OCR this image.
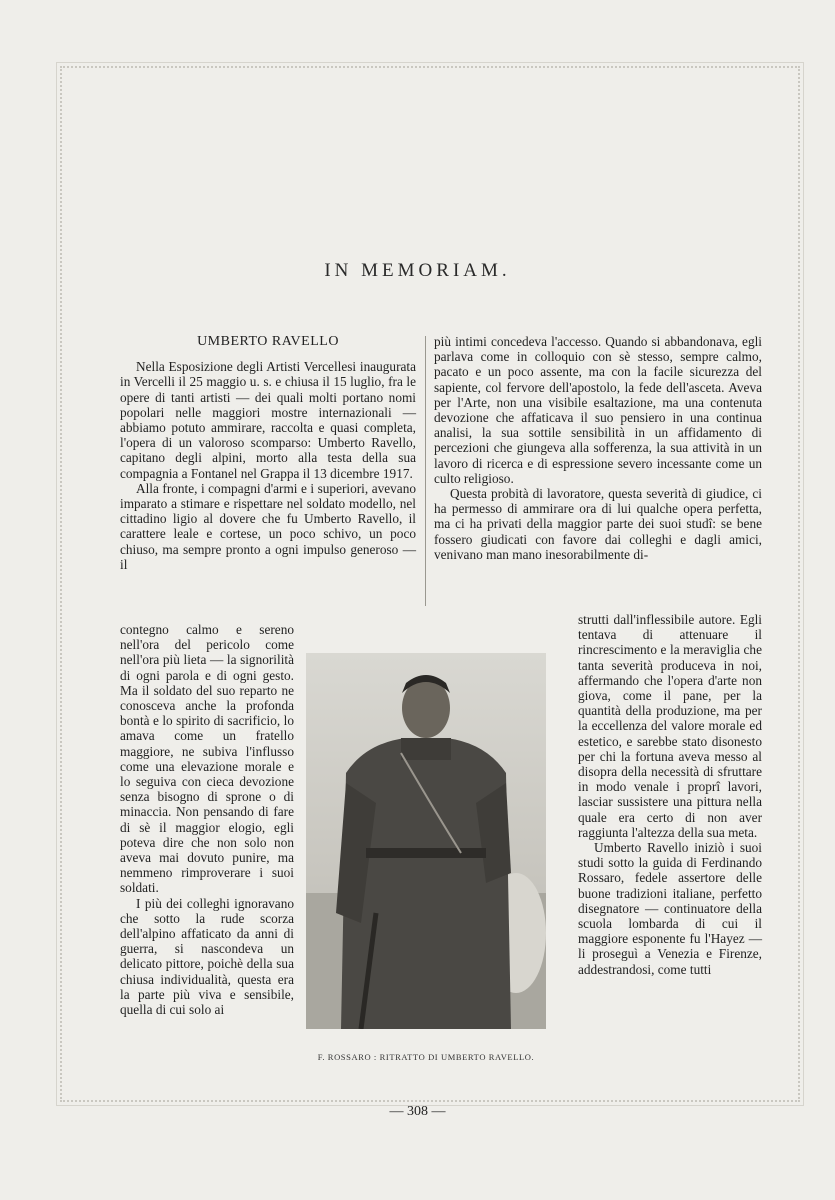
IN MEMORIAM.
UMBERTO RAVELLO

Nella Esposizione degli Artisti Vercellesi inaugurata in Vercelli il 25 maggio u. s. e chiusa il 15 luglio, fra le opere di tanti artisti — dei quali molti portano nomi popolari nelle maggiori mostre internazionali — abbiamo potuto ammirare, raccolta e quasi completa, l'opera di un valoroso scomparso: Umberto Ravello, capitano degli alpini, morto alla testa della sua compagnia a Fontanel nel Grappa il 13 dicembre 1917.

Alla fronte, i compagni d'armi e i superiori, avevano imparato a stimare e rispettare nel soldato modello, nel cittadino ligio al dovere che fu Umberto Ravello, il carattere leale e cortese, un poco schivo, un poco chiuso, ma sempre pronto a ogni impulso generoso — il

più intimi concedeva l'accesso. Quando si abbandonava, egli parlava come in colloquio con sè stesso, sempre calmo, pacato e un poco assente, ma con la facile sicurezza del sapiente, col fervore dell'apostolo, la fede dell'asceta. Aveva per l'Arte, non una visibile esaltazione, ma una contenuta devozione che affaticava il suo pensiero in una continua analisi, la sua sottile sensibilità in un affidamento di percezioni che giungeva alla sofferenza, la sua attività in un lavoro di ricerca e di espressione severo incessante come un culto religioso.

Questa probità di lavoratore, questa severità di giudice, ci ha permesso di ammirare ora di lui qualche opera perfetta, ma ci ha privati della maggior parte dei suoi studî: se bene fossero giudicati con favore dai colleghi e dagli amici, venivano man mano inesorabilmente di-

contegno calmo e sereno nell'ora del pericolo come nell'ora più lieta — la signorilità di ogni parola e di ogni gesto. Ma il soldato del suo reparto ne conosceva anche la profonda bontà e lo spirito di sacrificio, lo amava come un fratello maggiore, ne subiva l'influsso come una elevazione morale e lo seguiva con cieca devozione senza bisogno di sprone o di minaccia. Non pensando di fare di sè il maggior elogio, egli poteva dire che non solo non aveva mai dovuto punire, ma nemmeno rimproverare i suoi soldati.

I più dei colleghi ignoravano che sotto la rude scorza dell'alpino affaticato da anni di guerra, si nascondeva un delicato pittore, poichè della sua chiusa individualità, questa era la parte più viva e sensibile, quella di cui solo ai

strutti dall'inflessibile autore. Egli tentava di attenuare il rincrescimento e la meraviglia che tanta severità produceva in noi, affermando che l'opera d'arte non giova, come il pane, per la quantità della produzione, ma per la eccellenza del valore morale ed estetico, e sarebbe stato disonesto per chi la fortuna aveva messo al disopra della necessità di sfruttare in modo venale i proprî lavori, lasciar sussistere una pittura nella quale era certo di non aver raggiunta l'altezza della sua meta.

Umberto Ravello iniziò i suoi studi sotto la guida di Ferdinando Rossaro, fedele assertore delle buone tradizioni italiane, perfetto disegnatore — continuatore della scuola lombarda di cui il maggiore esponente fu l'Hayez — li proseguì a Venezia e Firenze, addestrandosi, come tutti

F. ROSSARO : RITRATTO DI UMBERTO RAVELLO.
— 308 —
